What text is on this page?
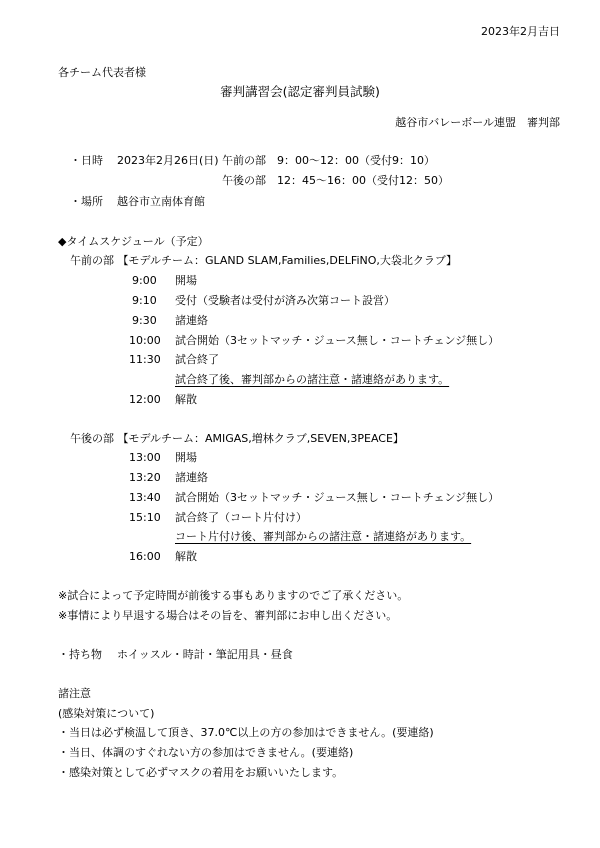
2023年2月吉日
各チーム代表者様
審判講習会(認定審判員試験)
越谷市バレーボール連盟　審判部
・日時 2023年2月26日(日) 午前の部　9：00～12：00（受付9：10）
午後の部　12：45～16：00（受付12：50）
・場所 越谷市立南体育館
◆タイムスケジュール（予定）
午前の部 【モデルチーム：GLAND SLAM,Families,DELFiNO,大袋北クラブ】
9:00 開場
9:10 受付（受験者は受付が済み次第コート設営）
9:30 諸連絡
10:00 試合開始（3セットマッチ・ジュース無し・コートチェンジ無し）
11:30 試合終了
試合終了後、審判部からの諸注意・諸連絡があります。
12:00 解散
午後の部 【モデルチーム：AMIGAS,増林クラブ,SEVEN,3PEACE】
13:00 開場
13:20 諸連絡
13:40 試合開始（3セットマッチ・ジュース無し・コートチェンジ無し）
15:10 試合終了（コート片付け）
コート片付け後、審判部からの諸注意・諸連絡があります。
16:00 解散
※試合によって予定時間が前後する事もありますのでご了承ください。
※事情により早退する場合はその旨を、審判部にお申し出ください。
・持ち物 ホイッスル・時計・筆記用具・昼食
諸注意
(感染対策について)
・当日は必ず検温して頂き、37.0℃以上の方の参加はできません。(要連絡)
・当日、体調のすぐれない方の参加はできません。(要連絡)
・感染対策として必ずマスクの着用をお願いいたします。
